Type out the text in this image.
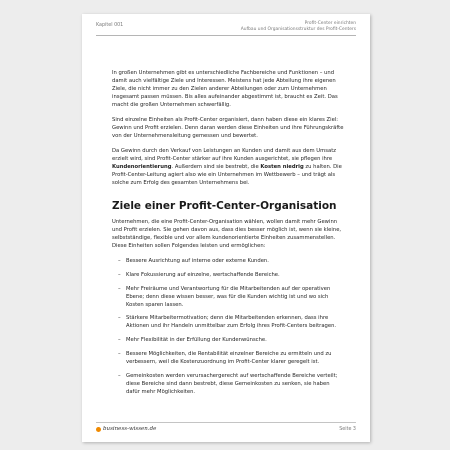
Kapitel 001	Profit-Center einrichten
Aufbau und Organisationsstruktur des Profit-Centers

In großen Unternehmen gibt es unterschiedliche Fachbereiche und Funktionen – und damit auch vielfältige Ziele und Interessen. Meistens hat jede Abteilung ihre eigenen Ziele, die nicht immer zu den Zielen anderer Abteilungen oder zum Unternehmen insgesamt passen müssen. Bis alles aufeinander abgestimmt ist, braucht es Zeit. Das macht die großen Unternehmen schwerfällig.

Sind einzelne Einheiten als Profit-Center organisiert, dann haben diese ein klares Ziel: Gewinn und Profit erzielen. Denn daran werden diese Einheiten und ihre Führungskräfte von der Unternehmensleitung gemessen und bewertet.

Da Gewinn durch den Verkauf von Leistungen an Kunden und damit aus dem Umsatz erzielt wird, sind Profit-Center stärker auf ihre Kunden ausgerichtet, sie pflegen ihre Kundenorientierung. Außerdem sind sie bestrebt, die Kosten niedrig zu halten. Die Profit-Center-Leitung agiert also wie ein Unternehmen im Wettbewerb – und trägt als solche zum Erfolg des gesamten Unternehmens bei.

Ziele einer Profit-Center-Organisation

Unternehmen, die eine Profit-Center-Organisation wählen, wollen damit mehr Gewinn und Profit erzielen. Sie gehen davon aus, dass dies besser möglich ist, wenn sie kleine, selbstständige, flexible und vor allem kundenorientierte Einheiten zusammenstellen. Diese Einheiten sollen Folgendes leisten und ermöglichen:

– Bessere Ausrichtung auf interne oder externe Kunden.
– Klare Fokussierung auf einzelne, wertschaffende Bereiche.
– Mehr Freiräume und Verantwortung für die Mitarbeitenden auf der operativen Ebene; denn diese wissen besser, was für die Kunden wichtig ist und wo sich Kosten sparen lassen.
– Stärkere Mitarbeitermotivation; denn die Mitarbeitenden erkennen, dass ihre Aktionen und ihr Handeln unmittelbar zum Erfolg ihres Profit-Centers beitragen.
– Mehr Flexibilität in der Erfüllung der Kundenwünsche.
– Bessere Möglichkeiten, die Rentabilität einzelner Bereiche zu ermitteln und zu verbessern, weil die Kostenzuordnung im Profit-Center klarer geregelt ist.
– Gemeinkosten werden verursachergerecht auf wertschaffende Bereiche verteilt; diese Bereiche sind dann bestrebt, diese Gemeinkosten zu senken, sie haben dafür mehr Möglichkeiten.
business-wissen.de	Seite 3
